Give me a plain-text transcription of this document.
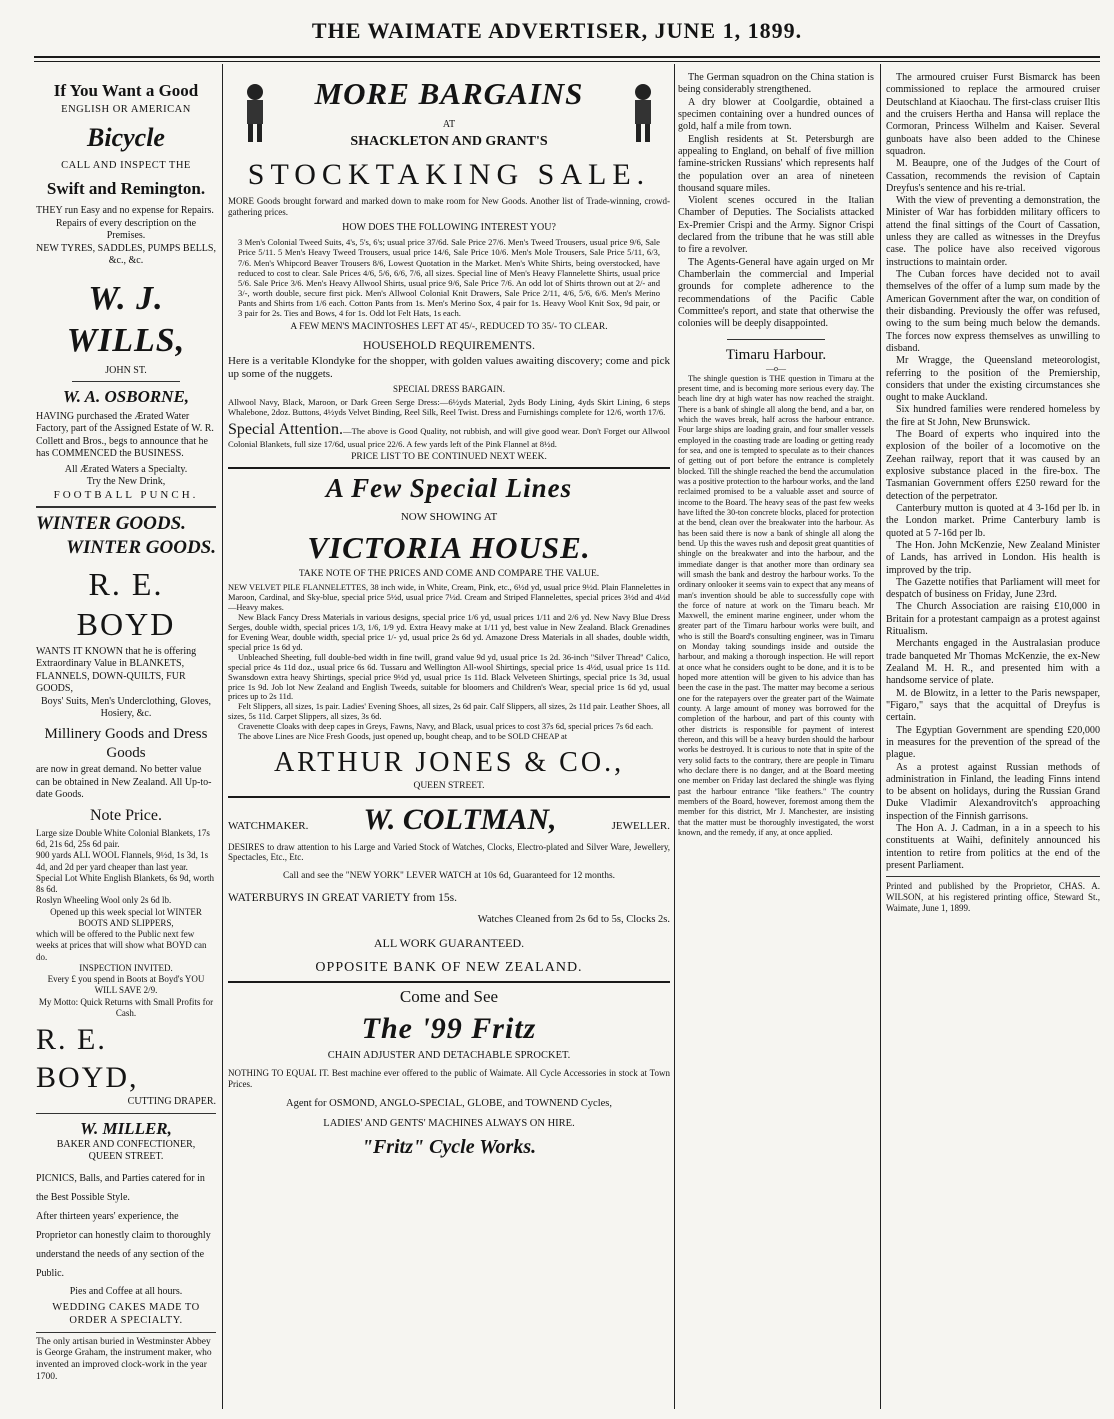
THE WAIMATE ADVERTISER, JUNE 1, 1899.

If You Want a Good

ENGLISH OR AMERICAN

Bicycle

CALL AND INSPECT THE

Swift and Remington.

THEY run Easy and no expense for Repairs.

Repairs of every description on the Premises.

NEW TYRES, SADDLES, PUMPS BELLS, &c., &c.

W. J. WILLS,

JOHN ST.

W. A. OSBORNE,

HAVING purchased the Ærated Water Factory, part of the Assigned Estate of W. R. Collett and Bros., begs to announce that he has COMMENCED the BUSINESS.

All Ærated Waters a Specialty.

Try the New Drink,

FOOTBALL PUNCH.

WINTER GOODS.

WINTER GOODS.

R. E. BOYD

WANTS IT KNOWN that he is offering Extraordinary Value in BLANKETS, FLANNELS, DOWN-QUILTS, FUR GOODS,

Boys' Suits, Men's Underclothing, Gloves, Hosiery, &c.

Millinery Goods and Dress Goods

are now in great demand. No better value can be obtained in New Zealand. All Up-to-date Goods.

Note Price.

Large size Double White Colonial Blankets, 17s 6d, 21s 6d, 25s 6d pair.

900 yards ALL WOOL Flannels, 9½d, 1s 3d, 1s 4d, and 2d per yard cheaper than last year.

Special Lot White English Blankets, 6s 9d, worth 8s 6d.

Roslyn Wheeling Wool only 2s 6d lb.

Opened up this week special lot WINTER BOOTS AND SLIPPERS,

which will be offered to the Public next few weeks at prices that will show what BOYD can do.

INSPECTION INVITED.

Every £ you spend in Boots at Boyd's YOU WILL SAVE 2/9.

My Motto: Quick Returns with Small Profits for Cash.

R. E. BOYD,

CUTTING DRAPER.

W. MILLER,

BAKER AND CONFECTIONER,

QUEEN STREET.

PICNICS, Balls, and Parties catered for in the Best Possible Style.

After thirteen years' experience, the Proprietor can honestly claim to thoroughly understand the needs of any section of the Public.

Pies and Coffee at all hours.

WEDDING CAKES MADE TO ORDER A SPECIALTY.

The only artisan buried in Westminster Abbey is George Graham, the instrument maker, who invented an improved clock-work in the year 1700.

MORE BARGAINS

AT

SHACKLETON AND GRANT'S

STOCKTAKING SALE.

MORE Goods brought forward and marked down to make room for New Goods. Another list of Trade-winning, crowd-gathering prices.

HOW DOES THE FOLLOWING INTEREST YOU?

3 Men's Colonial Tweed Suits, 4's, 5's, 6's; usual price 37/6d. Sale Price 27/6. Men's Tweed Trousers, usual price 9/6, Sale Price 5/11. 5 Men's Heavy Tweed Trousers, usual price 14/6, Sale Price 10/6. Men's Mole Trousers, Sale Price 5/11, 6/3, 7/6. Men's Whipcord Beaver Trousers 8/6, Lowest Quotation in the Market. Men's White Shirts, being overstocked, have reduced to cost to clear. Sale Prices 4/6, 5/6, 6/6, 7/6, all sizes. Special line of Men's Heavy Flannelette Shirts, usual price 5/6. Sale Price 3/6. Men's Heavy Allwool Shirts, usual price 9/6, Sale Price 7/6. An odd lot of Shirts thrown out at 2/- and 3/-, worth double, secure first pick. Men's Allwool Colonial Knit Drawers, Sale Price 2/11, 4/6, 5/6, 6/6. Men's Merino Pants and Shirts from 1/6 each. Cotton Pants from 1s. Men's Merino Sox, 4 pair for 1s. Heavy Wool Knit Sox, 9d pair, or 3 pair for 2s. Ties and Bows, 4 for 1s. Odd lot Felt Hats, 1s each.

A FEW MEN'S MACINTOSHES LEFT AT 45/-, REDUCED TO 35/- TO CLEAR.

HOUSEHOLD REQUIREMENTS.

Here is a veritable Klondyke for the shopper, with golden values awaiting discovery; come and pick up some of the nuggets.

SPECIAL DRESS BARGAIN.

Allwool Navy, Black, Maroon, or Dark Green Serge Dress:—6½yds Material, 2yds Body Lining, 4yds Skirt Lining, 6 steps Whalebone, 2doz. Buttons, 4½yds Velvet Binding, Reel Silk, Reel Twist. Dress and Furnishings complete for 12/6, worth 17/6.

Special Attention.—The above is Good Quality, not rubbish, and will give good wear. Don't Forget our Allwool Colonial Blankets, full size 17/6d, usual price 22/6. A few yards left of the Pink Flannel at 8½d.

PRICE LIST TO BE CONTINUED NEXT WEEK.

A Few Special Lines

NOW SHOWING AT

VICTORIA HOUSE.

TAKE NOTE OF THE PRICES AND COME AND COMPARE THE VALUE.

NEW VELVET PILE FLANNELETTES, 38 inch wide, in White, Cream, Pink, etc., 6½d yd, usual price 9½d. Plain Flannelettes in Maroon, Cardinal, and Sky-blue, special price 5½d, usual price 7½d. Cream and Striped Flannelettes, special prices 3½d and 4½d—Heavy makes.

New Black Fancy Dress Materials in various designs, special price 1/6 yd, usual prices 1/11 and 2/6 yd. New Navy Blue Dress Serges, double width, special prices 1/3, 1/6, 1/9 yd. Extra Heavy make at 1/11 yd, best value in New Zealand. Black Grenadines for Evening Wear, double width, special price 1/- yd, usual price 2s 6d yd. Amazone Dress Materials in all shades, double width, special price 1s 6d yd.

Unbleached Sheeting, full double-bed width in fine twill, grand value 9d yd, usual price 1s 2d. 36-inch "Silver Thread" Calico, special price 4s 11d doz., usual price 6s 6d. Tussaru and Wellington All-wool Shirtings, special price 1s 4½d, usual price 1s 11d. Swansdown extra heavy Shirtings, special price 9½d yd, usual price 1s 11d. Black Velveteen Shirtings, special price 1s 3d, usual price 1s 9d. Job lot New Zealand and English Tweeds, suitable for bloomers and Children's Wear, special price 1s 6d yd, usual prices up to 2s 11d.

Felt Slippers, all sizes, 1s pair. Ladies' Evening Shoes, all sizes, 2s 6d pair. Calf Slippers, all sizes, 2s 11d pair. Leather Shoes, all sizes, 5s 11d. Carpet Slippers, all sizes, 3s 6d.

Cravenette Cloaks with deep capes in Greys, Fawns, Navy, and Black, usual prices to cost 37s 6d, special prices 7s 6d each.

The above Lines are Nice Fresh Goods, just opened up, bought cheap, and to be SOLD CHEAP at

ARTHUR JONES & CO.,

QUEEN STREET.

WATCHMAKER. W. COLTMAN,	JEWELLER.

DESIRES to draw attention to his Large and Varied Stock of Watches, Clocks, Electro-plated and Silver Ware, Jewellery, Spectacles, Etc., Etc.

Call and see the "NEW YORK" LEVER WATCH at 10s 6d, Guaranteed for 12 months.

WATERBURYS IN GREAT VARIETY from 15s.

Watches Cleaned from 2s 6d to 5s, Clocks 2s.

ALL WORK GUARANTEED.

OPPOSITE BANK OF NEW ZEALAND.

Come and See

The '99 Fritz

CHAIN ADJUSTER AND DETACHABLE SPROCKET.

NOTHING TO EQUAL IT. Best machine ever offered to the public of Waimate. All Cycle Accessories in stock at Town Prices.

Agent for OSMOND, ANGLO-SPECIAL, GLOBE, and TOWNEND Cycles,

LADIES' AND GENTS' MACHINES ALWAYS ON HIRE.

"Fritz" Cycle Works.

The German squadron on the China station is being considerably strengthened.

A dry blower at Coolgardie, obtained a specimen containing over a hundred ounces of gold, half a mile from town.

English residents at St. Petersburgh are appealing to England, on behalf of five million famine-stricken Russians' which represents half the population over an area of nineteen thousand square miles.

Violent scenes occured in the Italian Chamber of Deputies. The Socialists attacked Ex-Premier Crispi and the Army. Signor Crispi declared from the tribune that he was still able to fire a revolver.

The Agents-General have again urged on Mr Chamberlain the commercial and Imperial grounds for complete adherence to the recommendations of the Pacific Cable Committee's report, and state that otherwise the colonies will be deeply disappointed.

Timaru Harbour.

—o—

The shingle question is THE question in Timaru at the present time, and is becoming more serious every day. The beach line dry at high water has now reached the straight. There is a bank of shingle all along the bend, and a bar, on which the waves break, half across the harbour entrance. Four large ships are loading grain, and four smaller vessels employed in the coasting trade are loading or getting ready for sea, and one is tempted to speculate as to their chances of getting out of port before the entrance is completely blocked. Till the shingle reached the bend the accumulation was a positive protection to the harbour works, and the land reclaimed promised to be a valuable asset and source of income to the Board. The heavy seas of the past few weeks have lifted the 30-ton concrete blocks, placed for protection at the bend, clean over the breakwater into the harbour. As has been said there is now a bank of shingle all along the bend. Up this the waves rush and deposit great quantities of shingle on the breakwater and into the harbour, and the immediate danger is that another more than ordinary sea will smash the bank and destroy the harbour works. To the ordinary onlooker it seems vain to expect that any means of man's invention should be able to successfully cope with the force of nature at work on the Timaru beach. Mr Maxwell, the eminent marine engineer, under whom the greater part of the Timaru harbour works were built, and who is still the Board's consulting engineer, was in Timaru on Monday taking soundings inside and outside the harbour, and making a thorough inspection. He will report at once what he considers ought to be done, and it is to be hoped more attention will be given to his advice than has been the case in the past. The matter may become a serious one for the ratepayers over the greater part of the Waimate county. A large amount of money was borrowed for the completion of the harbour, and part of this county with other districts is responsible for payment of interest thereon, and this will be a heavy burden should the harbour works be destroyed. It is curious to note that in spite of the very solid facts to the contrary, there are people in Timaru who declare there is no danger, and at the Board meeting one member on Friday last declared the shingle was flying past the harbour entrance "like feathers." The country members of the Board, however, foremost among them the member for this district, Mr J. Manchester, are insisting that the matter must be thoroughly investigated, the worst known, and the remedy, if any, at once applied.

The armoured cruiser Furst Bismarck has been commissioned to replace the armoured cruiser Deutschland at Kiaochau. The first-class cruiser Iltis and the cruisers Hertha and Hansa will replace the Cormoran, Princess Wilhelm and Kaiser. Several gunboats have also been added to the Chinese squadron.

M. Beaupre, one of the Judges of the Court of Cassation, recommends the revision of Captain Dreyfus's sentence and his re-trial.

With the view of preventing a demonstration, the Minister of War has forbidden military officers to attend the final sittings of the Court of Cassation, unless they are called as witnesses in the Dreyfus case. The police have also received vigorous instructions to maintain order.

The Cuban forces have decided not to avail themselves of the offer of a lump sum made by the American Government after the war, on condition of their disbanding. Previously the offer was refused, owing to the sum being much below the demands. The forces now express themselves as unwilling to disband.

Mr Wragge, the Queensland meteorologist, referring to the position of the Premiership, considers that under the existing circumstances she ought to make Auckland.

Six hundred families were rendered homeless by the fire at St John, New Brunswick.

The Board of experts who inquired into the explosion of the boiler of a locomotive on the Zeehan railway, report that it was caused by an explosive substance placed in the fire-box. The Tasmanian Government offers £250 reward for the detection of the perpetrator.

Canterbury mutton is quoted at 4 3-16d per lb. in the London market. Prime Canterbury lamb is quoted at 5 7-16d per lb.

The Hon. John McKenzie, New Zealand Minister of Lands, has arrived in London. His health is improved by the trip.

The Gazette notifies that Parliament will meet for despatch of business on Friday, June 23rd.

The Church Association are raising £10,000 in Britain for a protestant campaign as a protest against Ritualism.

Merchants engaged in the Australasian produce trade banqueted Mr Thomas McKenzie, the ex-New Zealand M. H. R., and presented him with a handsome service of plate.

M. de Blowitz, in a letter to the Paris newspaper, "Figaro," says that the acquittal of Dreyfus is certain.

The Egyptian Government are spending £20,000 in measures for the prevention of the spread of the plague.

As a protest against Russian methods of administration in Finland, the leading Finns intend to be absent on holidays, during the Russian Grand Duke Vladimir Alexandrovitch's approaching inspection of the Finnish garrisons.

The Hon A. J. Cadman, in a in a speech to his constituents at Waihi, definitely announced his intention to retire from politics at the end of the present Parliament.

Printed and published by the Proprietor, CHAS. A. WILSON, at his registered printing office, Steward St., Waimate, June 1, 1899.
